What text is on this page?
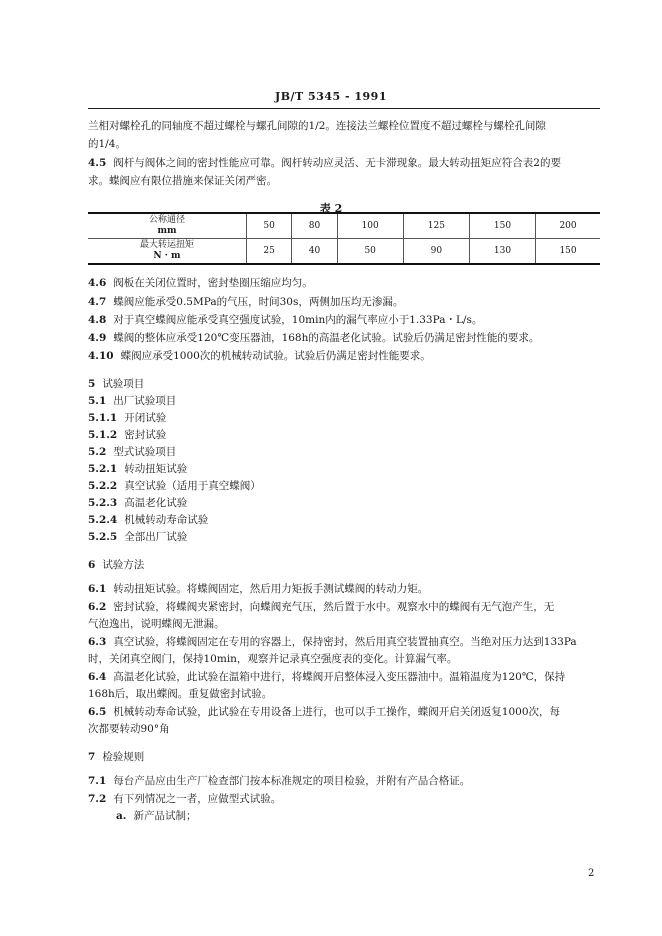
JB/T 5345 - 1991
兰相对螺栓孔的同轴度不超过螺栓与螺孔间隙的1/2。连接法兰螺栓位置度不超过螺栓与螺栓孔间隙
的1/4。
4.5 阀杆与阀体之间的密封性能应可靠。阀杆转动应灵活、无卡滞现象。最大转动扭矩应符合表2的要
求。蝶阀应有限位措施来保证关闭严密。
表 2
公称通径
mm	50	80	100	125	150	200
最大转运扭矩
N · m	25	40	50	90	130	150
4.6 阀板在关闭位置时，密封垫圈压缩应均匀。
4.7 蝶阀应能承受0.5MPa的气压，时间30s，两侧加压均无渗漏。
4.8 对于真空蝶阀应能承受真空强度试验，10min内的漏气率应小于1.33Pa・L/s。
4.9 蝶阀的整体应承受120℃变压器油，168h的高温老化试验。试验后仍满足密封性能的要求。
4.10 蝶阀应承受1000次的机械转动试验。试验后仍满足密封性能要求。
5 试验项目
5.1 出厂试验项目
5.1.1 开闭试验
5.1.2 密封试验
5.2 型式试验项目
5.2.1 转动扭矩试验
5.2.2 真空试验（适用于真空蝶阀）
5.2.3 高温老化试验
5.2.4 机械转动寿命试验
5.2.5 全部出厂试验
6 试验方法
6.1 转动扭矩试验。将蝶阀固定，然后用力矩扳手测试蝶阀的转动力矩。
6.2 密封试验，将蝶阀夹紧密封，向蝶阀充气压，然后置于水中。观察水中的蝶阀有无气泡产生，无
气泡逸出，说明蝶阀无泄漏。
6.3 真空试验，将蝶阀固定在专用的容器上，保持密封，然后用真空装置抽真空。当绝对压力达到133Pa
时，关闭真空阀门，保持10min，观察并记录真空强度表的变化。计算漏气率。
6.4 高温老化试验，此试验在温箱中进行，将蝶阀开启整体浸入变压器油中。温箱温度为120℃，保持
168h后，取出蝶阀。重复做密封试验。
6.5 机械转动寿命试验，此试验在专用设备上进行，也可以手工操作，蝶阀开启关闭返复1000次，每
次都要转动90°角
7 检验规则
7.1 每台产品应由生产厂检查部门按本标准规定的项目检验，并附有产品合格证。
7.2 有下列情况之一者，应做型式试验。
a. 新产品试制；
2
